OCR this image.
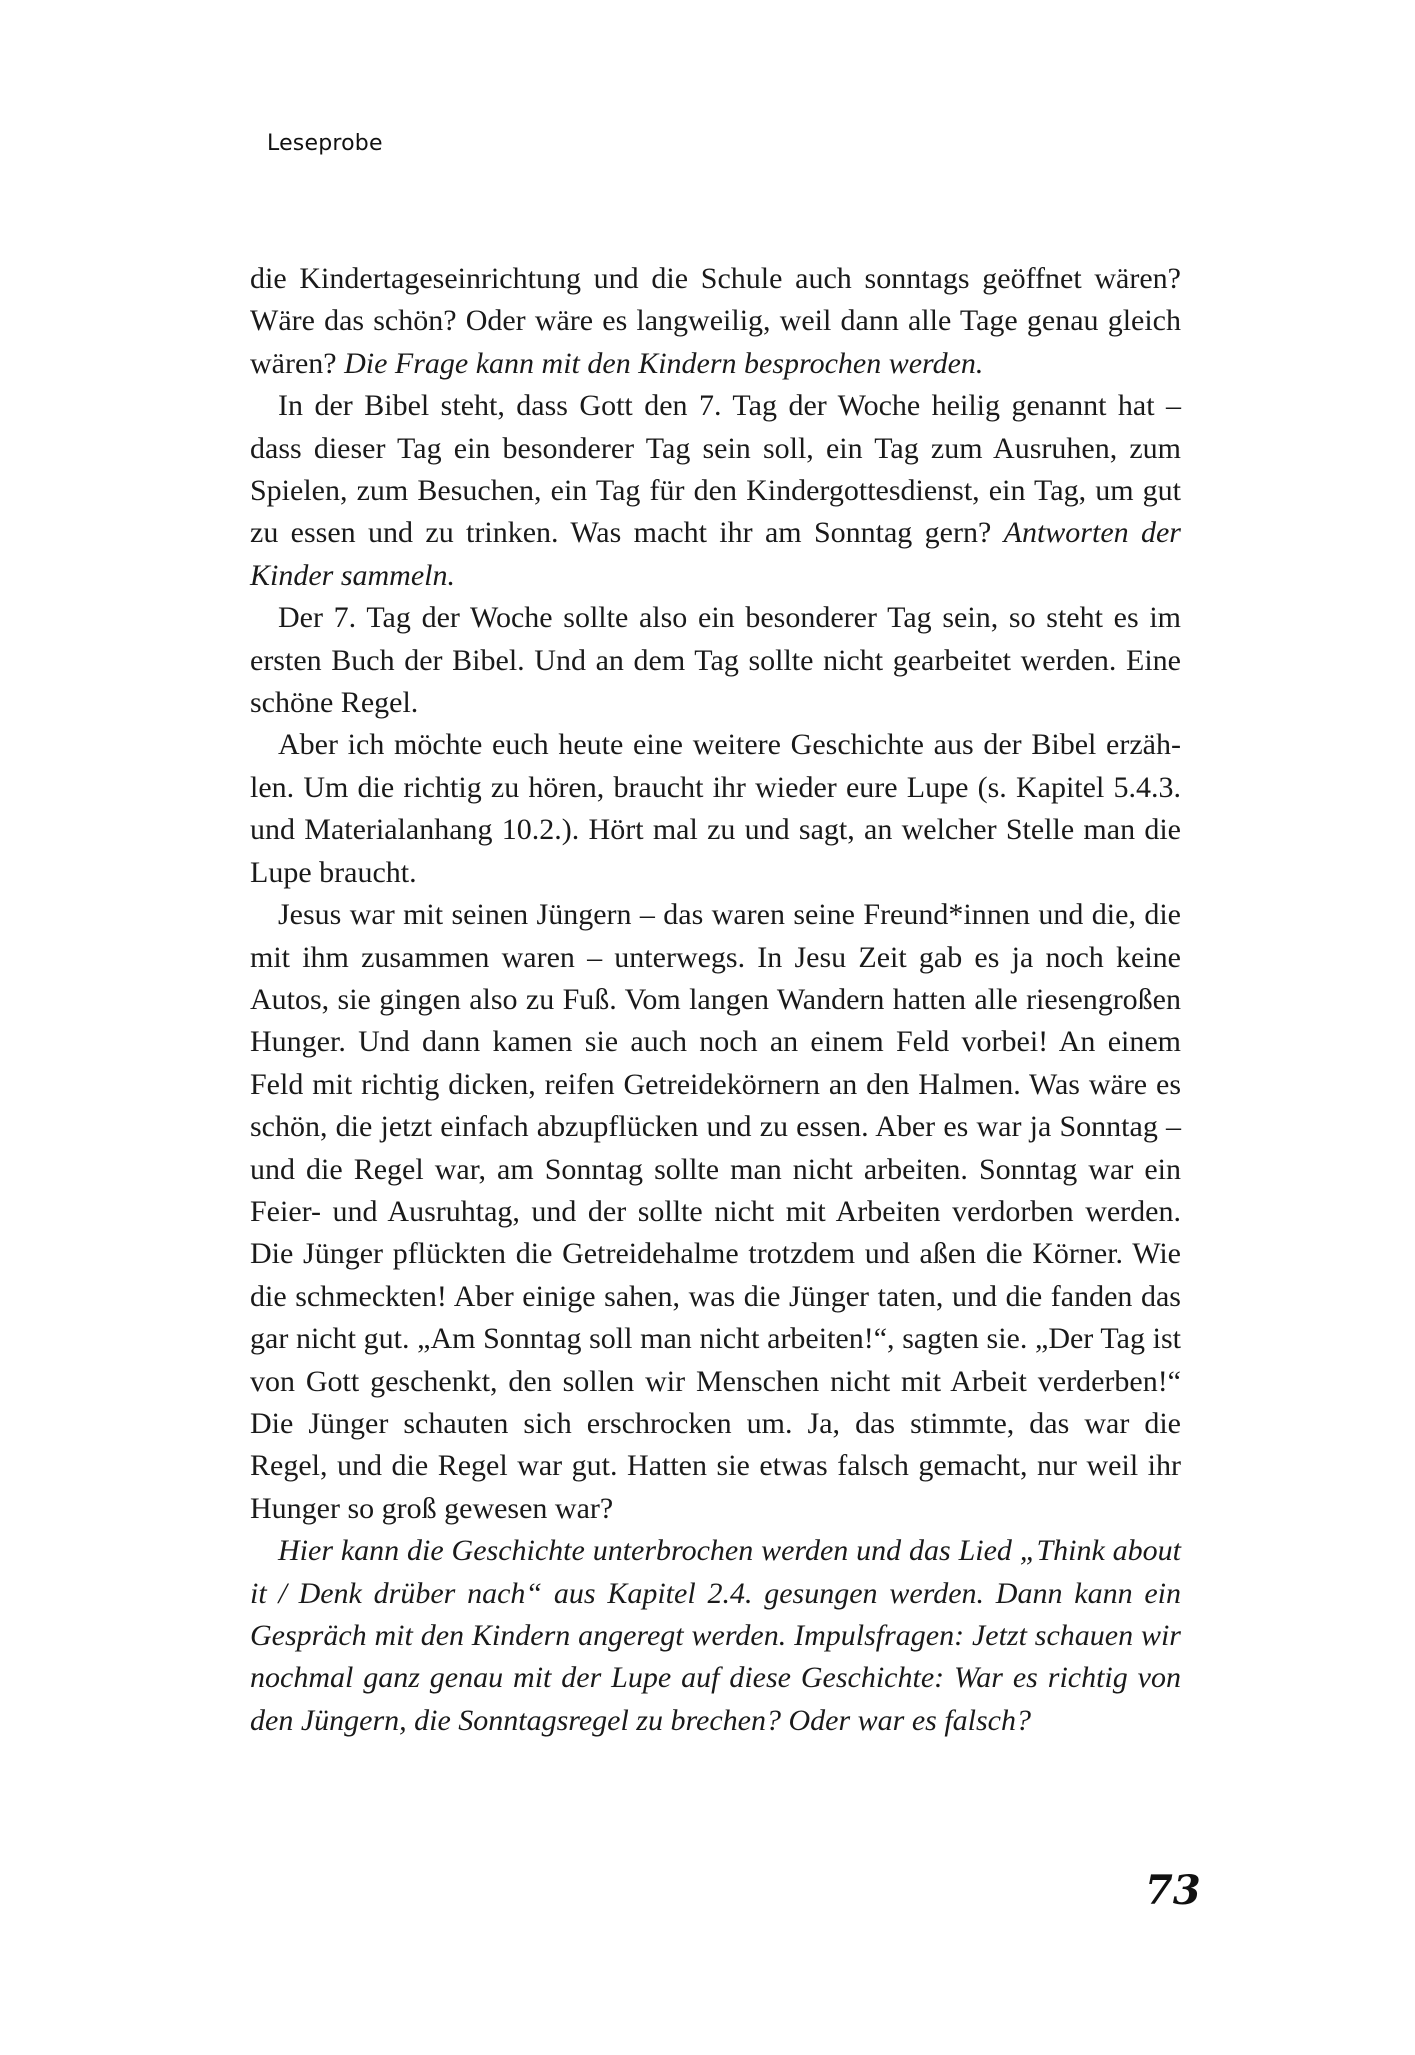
Leseprobe

die Kindertageseinrichtung und die Schule auch sonntags geöffnet wären? Wäre das schön? Oder wäre es langweilig, weil dann alle Tage genau gleich wären? Die Frage kann mit den Kindern besprochen werden.

In der Bibel steht, dass Gott den 7. Tag der Woche heilig genannt hat – dass dieser Tag ein besonderer Tag sein soll, ein Tag zum Ausruhen, zum Spielen, zum Besuchen, ein Tag für den Kindergottesdienst, ein Tag, um gut zu essen und zu trinken. Was macht ihr am Sonntag gern? Antworten der Kinder sammeln.

Der 7. Tag der Woche sollte also ein besonderer Tag sein, so steht es im ersten Buch der Bibel. Und an dem Tag sollte nicht gearbeitet werden. Eine schöne Regel.

Aber ich möchte euch heute eine weitere Geschichte aus der Bibel erzählen. Um die richtig zu hören, braucht ihr wieder eure Lupe (s. Kapitel 5.4.3. und Materialanhang 10.2.). Hört mal zu und sagt, an welcher Stelle man die Lupe braucht.

Jesus war mit seinen Jüngern – das waren seine Freund*innen und die, die mit ihm zusammen waren – unterwegs. In Jesu Zeit gab es ja noch keine Autos, sie gingen also zu Fuß. Vom langen Wandern hatten alle riesengroßen Hunger. Und dann kamen sie auch noch an einem Feld vorbei! An einem Feld mit richtig dicken, reifen Getreidekörnern an den Halmen. Was wäre es schön, die jetzt einfach abzupflücken und zu essen. Aber es war ja Sonntag – und die Regel war, am Sonntag sollte man nicht arbeiten. Sonntag war ein Feier- und Ausruhtag, und der sollte nicht mit Arbeiten verdorben werden. Die Jünger pflückten die Getreidehalme trotzdem und aßen die Körner. Wie die schmeckten! Aber einige sahen, was die Jünger taten, und die fanden das gar nicht gut. „Am Sonntag soll man nicht arbeiten!“, sagten sie. „Der Tag ist von Gott geschenkt, den sollen wir Menschen nicht mit Arbeit verderben!“ Die Jünger schauten sich erschrocken um. Ja, das stimmte, das war die Regel, und die Regel war gut. Hatten sie etwas falsch gemacht, nur weil ihr Hunger so groß gewesen war?

Hier kann die Geschichte unterbrochen werden und das Lied „Think about it / Denk drüber nach“ aus Kapitel 2.4. gesungen werden. Dann kann ein Gespräch mit den Kindern angeregt werden. Impulsfragen: Jetzt schauen wir nochmal ganz genau mit der Lupe auf diese Geschichte: War es richtig von den Jüngern, die Sonntagsregel zu brechen? Oder war es falsch?

73
